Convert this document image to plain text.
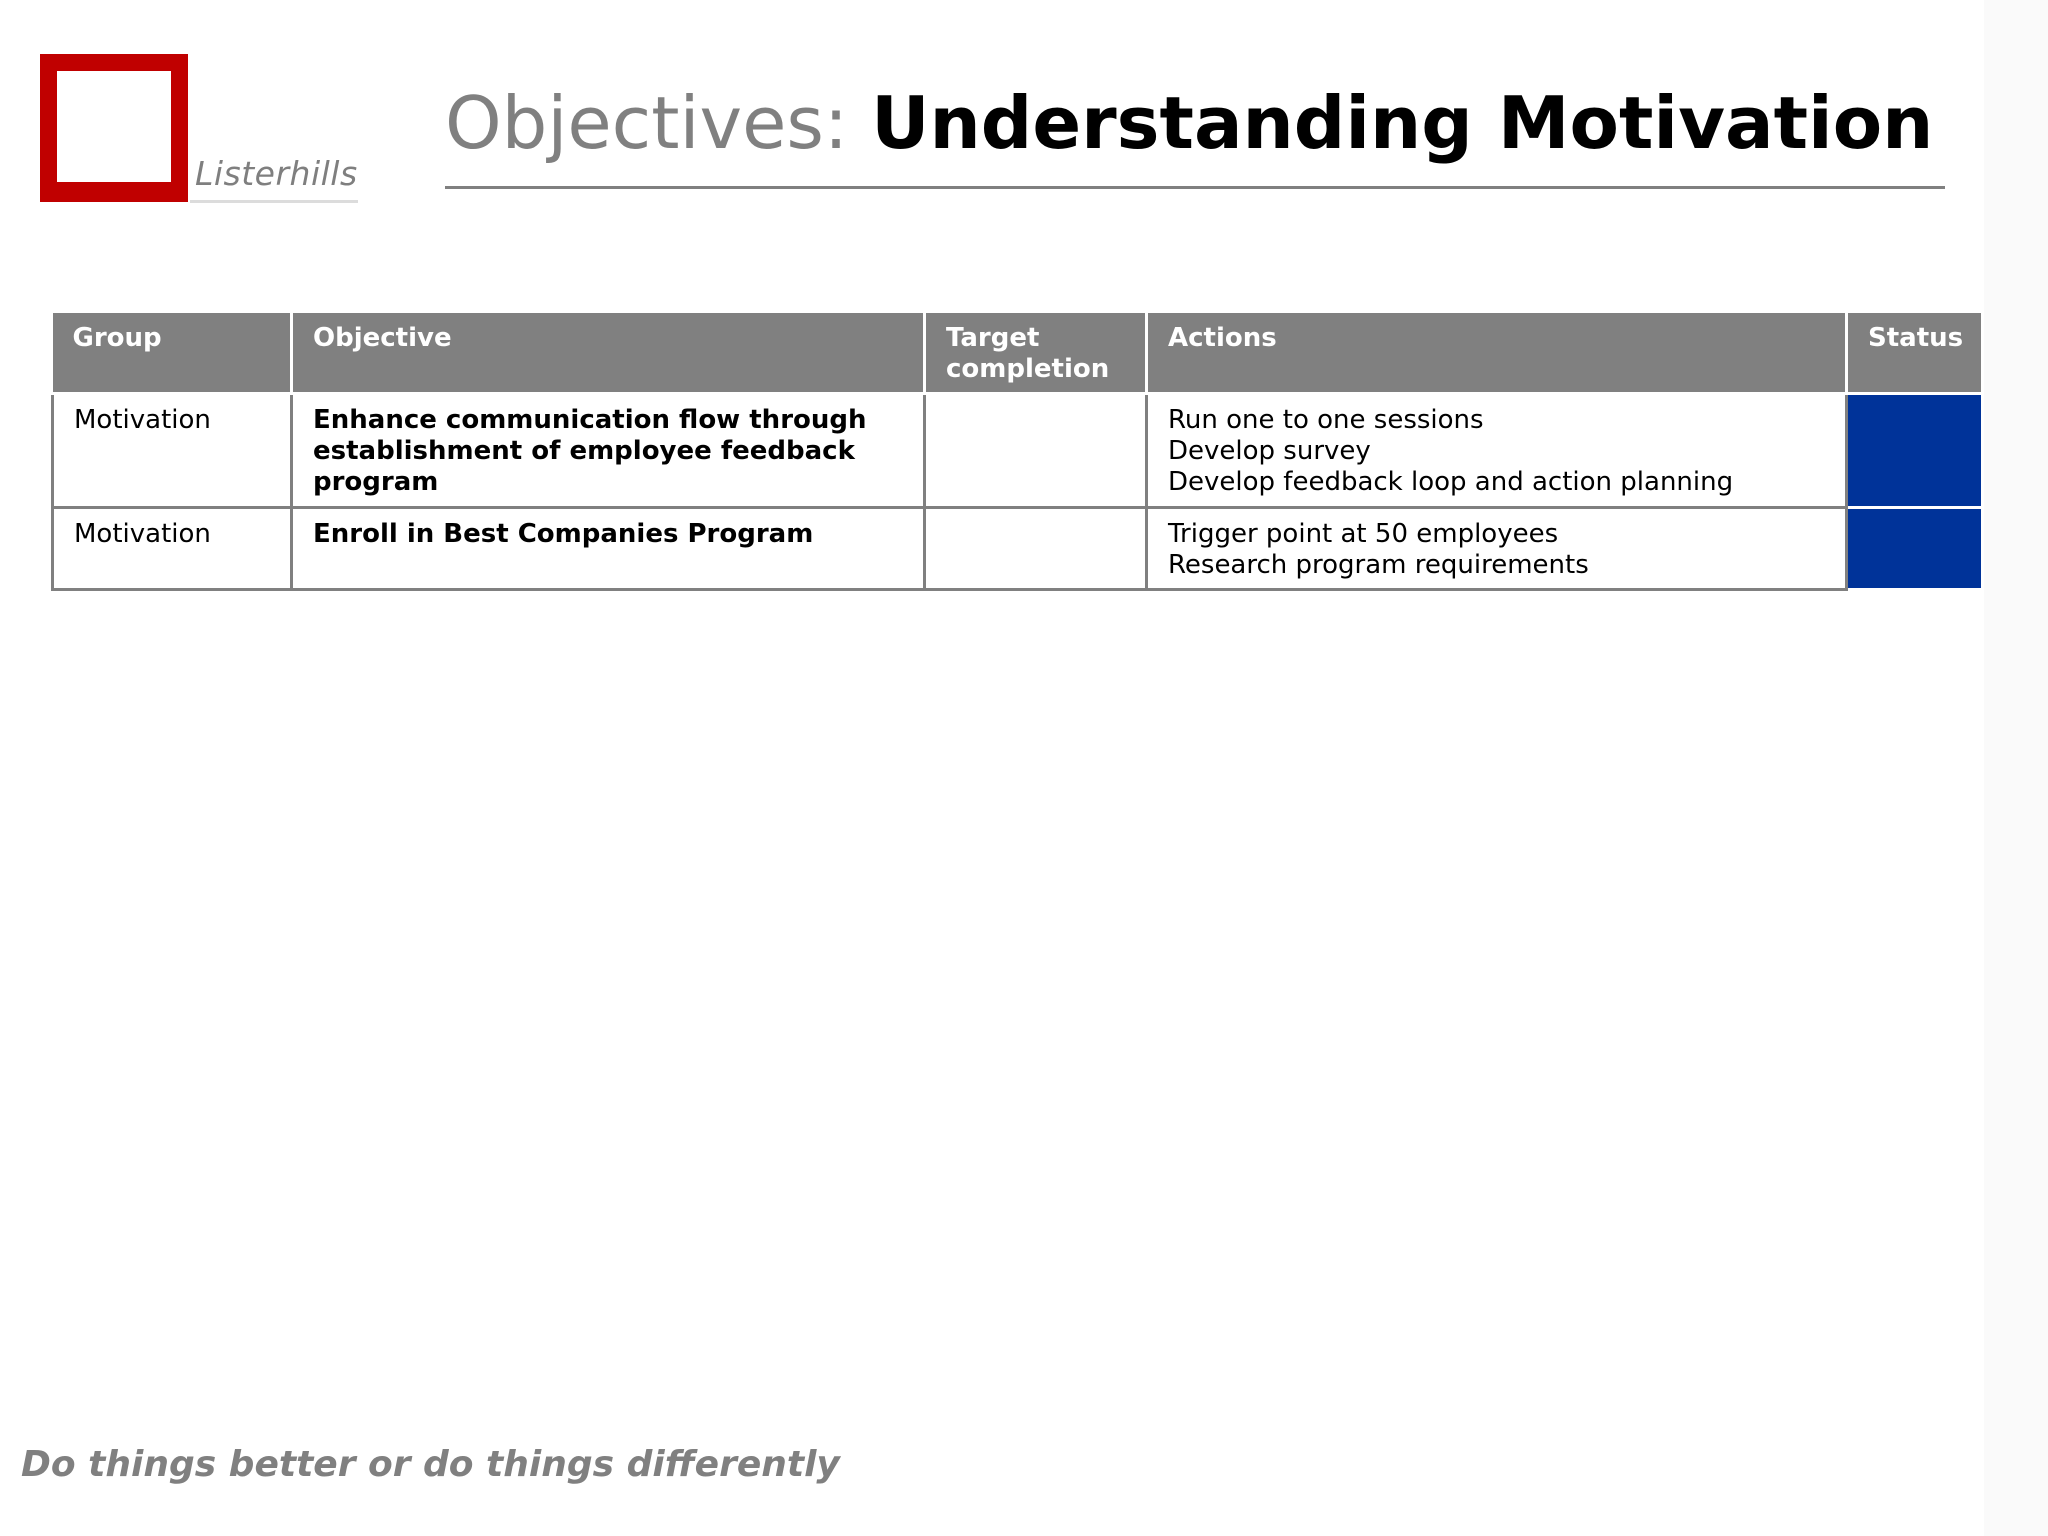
Listerhills
Objectives: Understanding Motivation
Group	Objective	Target completion	Actions	Status
Motivation	Enhance communication flow through establishment of employee feedback program		Run one to one sessions
Develop survey
Develop feedback loop and action planning	

Motivation	Enroll in Best Companies Program		Trigger point at 50 employees
Research program requirements	

Do things better or do things differently
